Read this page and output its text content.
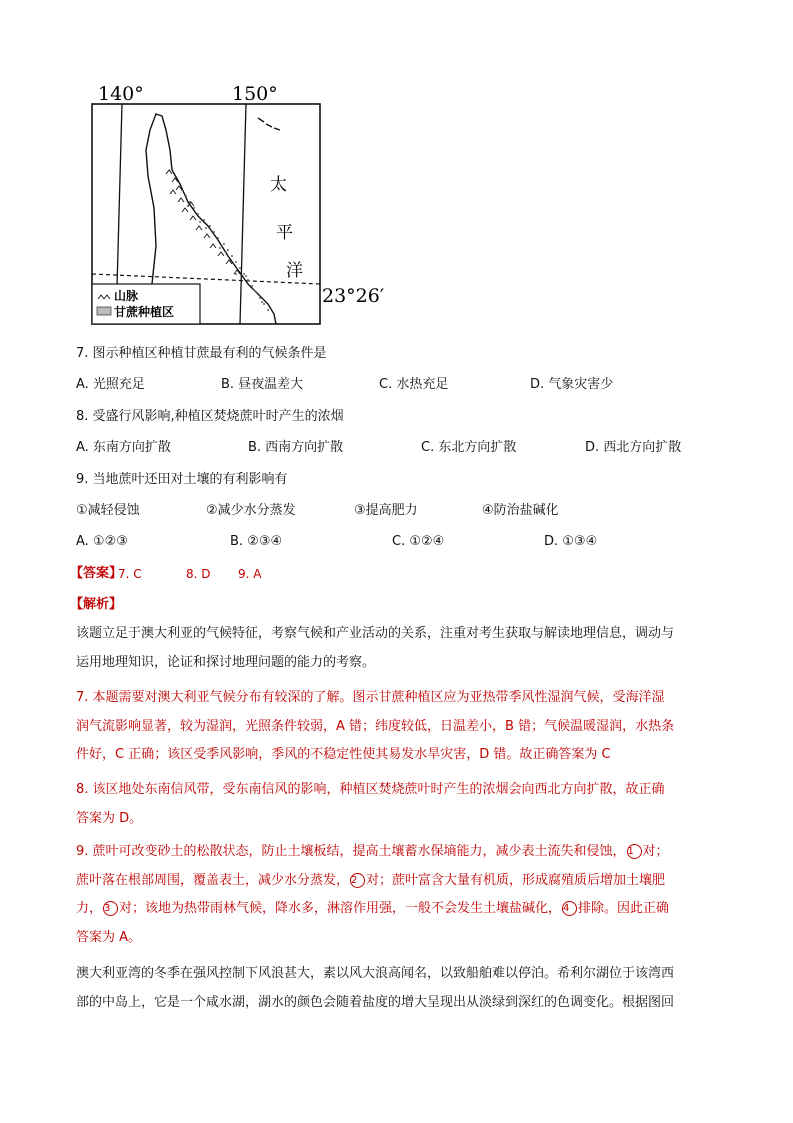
山脉
甘蔗种植区
140°	150°
太
平
洋
23°26′
7. 图示种植区种植甘蔗最有利的气候条件是
A. 光照充足	B. 昼夜温差大	C. 水热充足	D. 气象灾害少
8. 受盛行风影响,种植区焚烧蔗叶时产生的浓烟
A. 东南方向扩散	B. 西南方向扩散	C. 东北方向扩散	D. 西北方向扩散
9. 当地蔗叶还田对土壤的有利影响有
①减轻侵蚀	②减少水分蒸发	③提高肥力	④防治盐碱化
A. ①②③	B. ②③④	C. ①②④	D. ①③④
【答案】
7. C	8. D 9. A
【解析】
该题立足于澳大利亚的气候特征，考察气候和产业活动的关系，注重对考生获取与解读地理信息，调动与
运用地理知识，论证和探讨地理问题的能力的考察。
7. 本题需要对澳大利亚气候分布有较深的了解。图示甘蔗种植区应为亚热带季风性湿润气候，受海洋湿
润气流影响显著，较为湿润，光照条件较弱，A 错；纬度较低，日温差小，B 错；气候温暖湿润，水热条
件好，C 正确；该区受季风影响，季风的不稳定性使其易发水旱灾害，D 错。故正确答案为 C
8. 该区地处东南信风带，受东南信风的影响，种植区焚烧蔗叶时产生的浓烟会向西北方向扩散，故正确
答案为 D。
9. 蔗叶可改变砂土的松散状态，防止土壤板结，提高土壤蓄水保墒能力，减少表土流失和侵蚀， 1 对；
蔗叶落在根部周围，覆盖表土，减少水分蒸发， 2 对；蔗叶富含大量有机质，形成腐殖质后增加土壤肥
力， 3 对；该地为热带雨林气候，降水多，淋溶作用强，一般不会发生土壤盐碱化， 4 排除。因此正确
答案为 A。
澳大利亚湾的冬季在强风控制下风浪甚大，素以风大浪高闻名，以致船舶难以停泊。希利尔湖位于该湾西
部的中岛上，它是一个咸水湖，湖水的颜色会随着盐度的增大呈现出从淡绿到深红的色调变化。根据图回
